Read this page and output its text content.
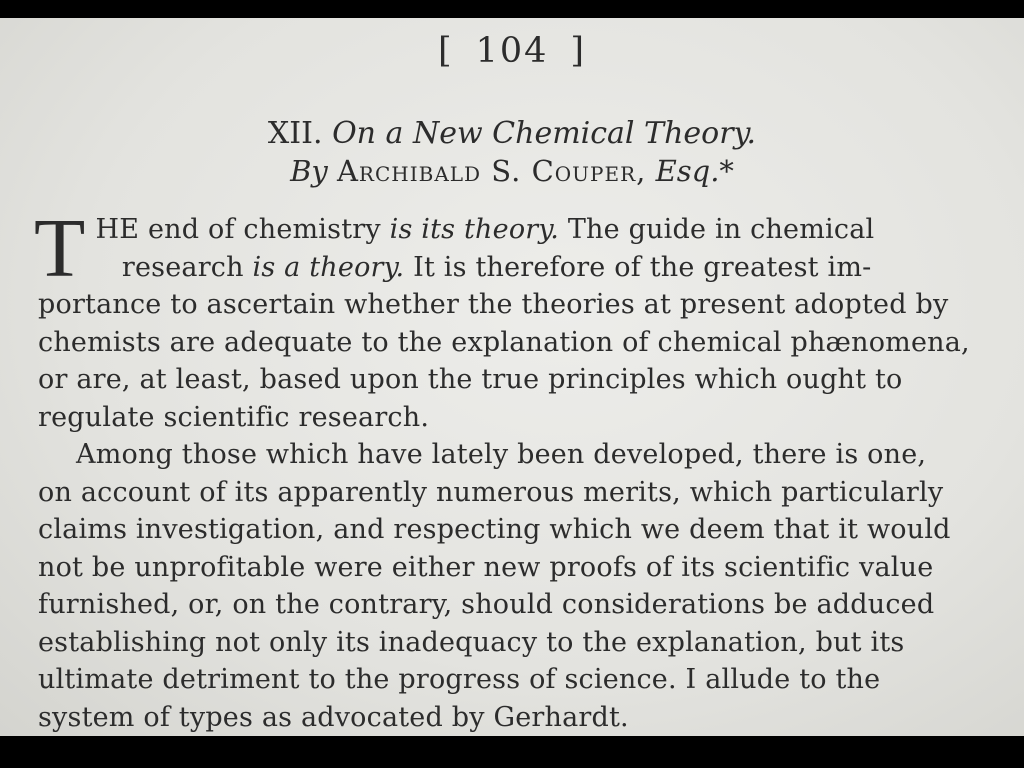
[ 104 ]
XII. On a New Chemical Theory.
By Archibald S. Couper, Esq.*

T HE end of chemistry is its theory. The guide in chemical
research is a theory. It is therefore of the greatest im-
portance to ascertain whether the theories at present adopted by
chemists are adequate to the explanation of chemical phænomena,
or are, at least, based upon the true principles which ought to
regulate scientific research.

Among those which have lately been developed, there is one,
on account of its apparently numerous merits, which particularly
claims investigation, and respecting which we deem that it would
not be unprofitable were either new proofs of its scientific value
furnished, or, on the contrary, should considerations be adduced
establishing not only its inadequacy to the explanation, but its
ultimate detriment to the progress of science. I allude to the
system of types as advocated by Gerhardt.
